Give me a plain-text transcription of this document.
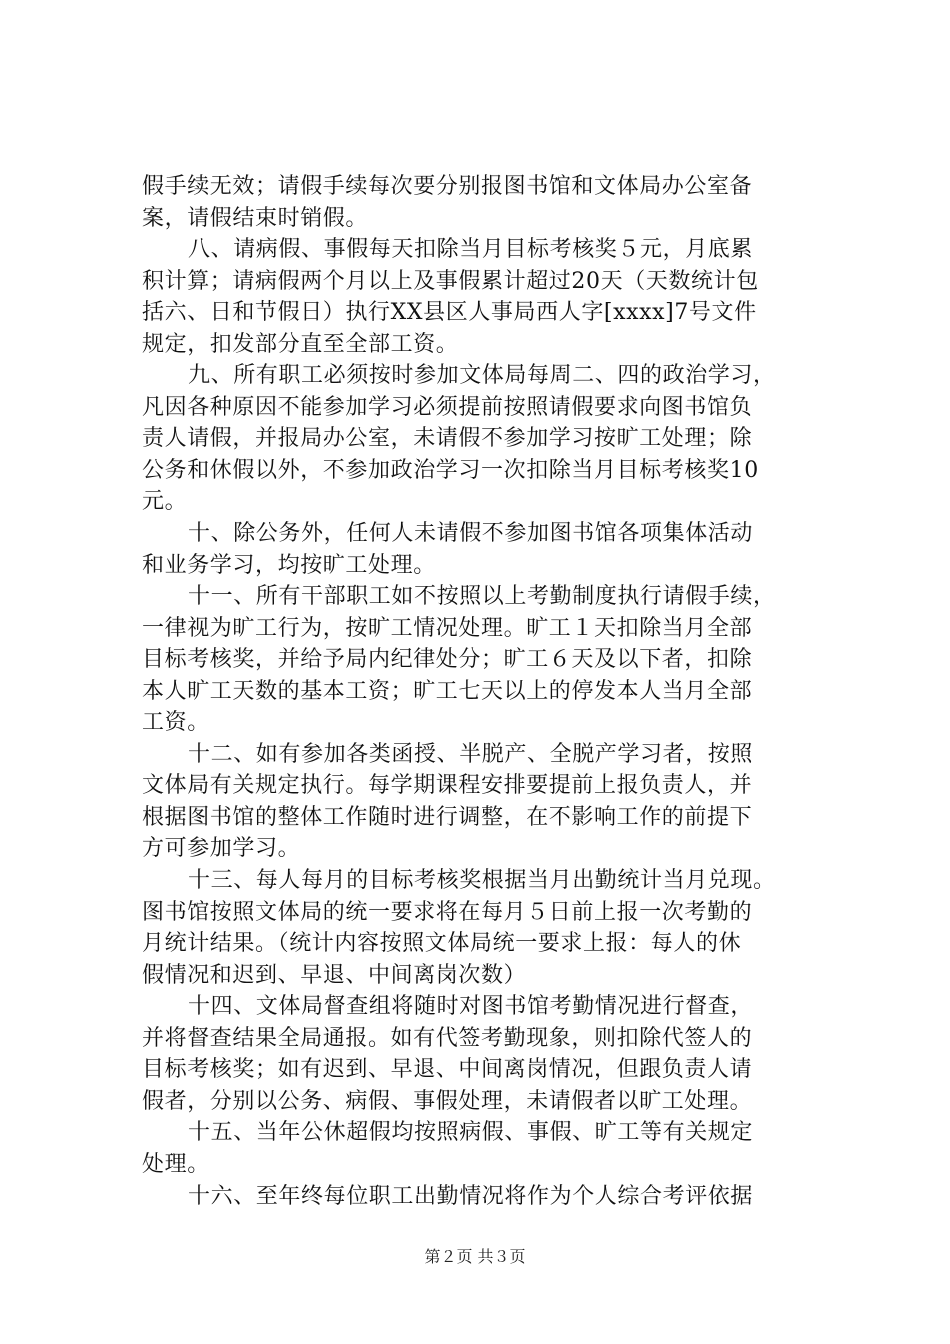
假手续无效；请假手续每次要分别报图书馆和文体局办公室备
案，请假结束时销假。
八、请病假、事假每天扣除当月目标考核奖５元，月底累
积计算；请病假两个月以上及事假累计超过20天（天数统计包
括六、日和节假日）执行XX县区人事局西人字[xxxx]7号文件
规定，扣发部分直至全部工资。
九、所有职工必须按时参加文体局每周二、四的政治学习，
凡因各种原因不能参加学习必须提前按照请假要求向图书馆负
责人请假，并报局办公室，未请假不参加学习按旷工处理；除
公务和休假以外，不参加政治学习一次扣除当月目标考核奖10
元。
十、除公务外，任何人未请假不参加图书馆各项集体活动
和业务学习，均按旷工处理。
十一、所有干部职工如不按照以上考勤制度执行请假手续，
一律视为旷工行为，按旷工情况处理。旷工１天扣除当月全部
目标考核奖，并给予局内纪律处分；旷工６天及以下者，扣除
本人旷工天数的基本工资；旷工七天以上的停发本人当月全部
工资。
十二、如有参加各类函授、半脱产、全脱产学习者，按照
文体局有关规定执行。每学期课程安排要提前上报负责人，并
根据图书馆的整体工作随时进行调整，在不影响工作的前提下
方可参加学习。
十三、每人每月的目标考核奖根据当月出勤统计当月兑现。
图书馆按照文体局的统一要求将在每月５日前上报一次考勤的
月统计结果。（统计内容按照文体局统一要求上报：每人的休
假情况和迟到、早退、中间离岗次数）
十四、文体局督查组将随时对图书馆考勤情况进行督查，
并将督查结果全局通报。如有代签考勤现象，则扣除代签人的
目标考核奖；如有迟到、早退、中间离岗情况，但跟负责人请
假者，分别以公务、病假、事假处理，未请假者以旷工处理。
十五、当年公休超假均按照病假、事假、旷工等有关规定
处理。
十六、至年终每位职工出勤情况将作为个人综合考评依据
第２页 共３页
